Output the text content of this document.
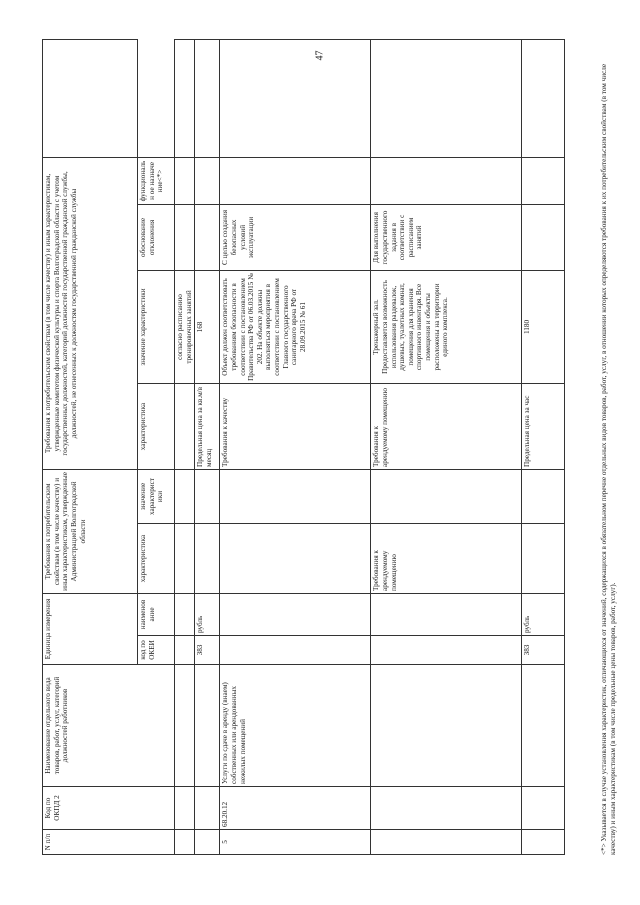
47
N п/п	Код по ОКПД 2	Наименование отдельного вида товаров, работ, услуг, категорий должностей работников	Единица измерения		Требования к потребительским свойствам (в том числе качеству) и иным характеристикам, утвержденные Администрацией Волгоградской области		Требования к потребительским свойствам (в том числе качеству) и иным характеристикам, утвержденные комитетом физической культуры и спорта Волгоградской области с учетом государственных должностей, категорий должностей государственной гражданской службы, должностей, не отнесенных к должностям государственной гражданской службы				
			код по ОКЕИ	наименов ание	характеристика	значение характерист ики	характеристика	значение характеристики	обоснование отклонения	функциональн ое назначе ние<*>	
								согласно расписанию тренировочных занятий			
			383	рубль			Предельная цена за кв.м/в месяц	168			
5	68.20.12	Услуги по сдаче в аренду (внаем) собственных или арендованных нежилых помещений					Требования к качеству	Объект должен соответствовать требованиям безопасности в соответствии с постановлением Правительства РФ от 06.03.2015 № 202. На объекте должны выполняться мероприятия в соответствии с постановлением Главного государственного санитарного врача РФ от 28.09.2015 № 61	С целью создания безопасных условий эксплуатации		
					Требования к арендуемому помещению		Требования к арендуемому помещению	Тренажерный зал. Предоставляется возможность использования раздевалок, душевых, туалетных комнат, помещения для хранения спортивного инвентаря. Все помещения и объекты расположены на территории единого комплекса.	Для выполнения государственного задания в соответствии с расписанием занятий		
			383	рубль			Предельная цена за час	1180				<*> Указывается в случае установления характеристик, отличающихся от значений, содержащихся в обязательном перечне отдельных видов товаров, работ, услуг, в отношении которых определяются требования к их потребительским свойствам (в том числе качеству) и иным характеристикам (в том числе предельные цены товаров, работ, услуг).
